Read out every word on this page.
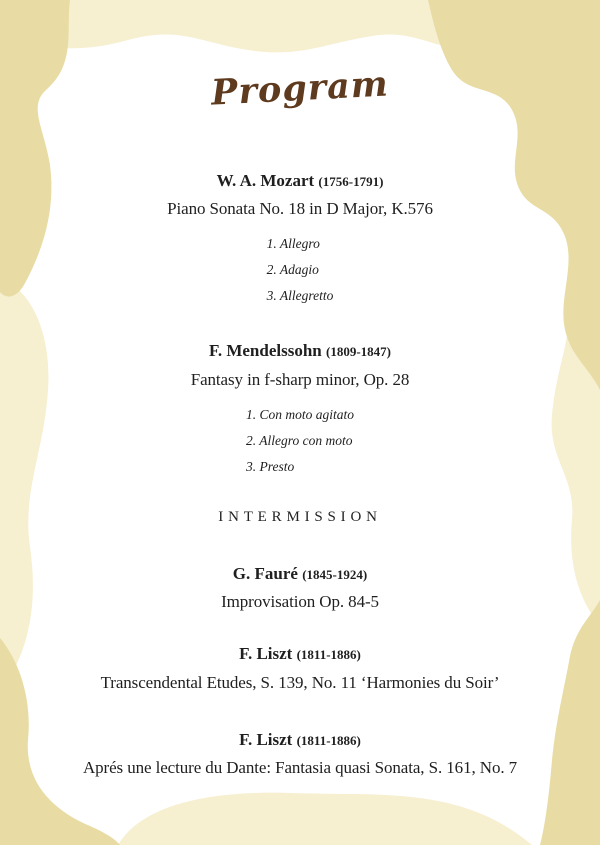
Program
W. A. Mozart (1756-1791)
Piano Sonata No. 18 in D Major, K.576
1. Allegro
2. Adagio
3. Allegretto
F. Mendelssohn (1809-1847)
Fantasy in f-sharp minor, Op. 28
1. Con moto agitato
2. Allegro con moto
3. Presto
INTERMISSION
G. Fauré (1845-1924)
Improvisation Op. 84-5
F. Liszt (1811-1886)
Transcendental Etudes, S. 139, No. 11 ‘Harmonies du Soir’
F. Liszt (1811-1886)
Aprés une lecture du Dante: Fantasia quasi Sonata, S. 161, No. 7
